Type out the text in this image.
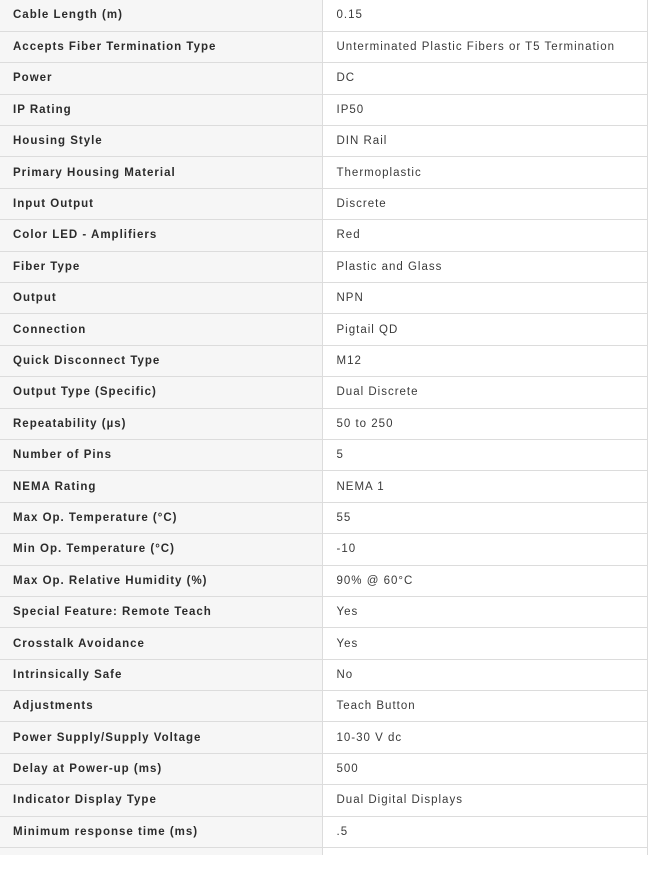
Cable Length (m)	0.15
Accepts Fiber Termination Type	Unterminated Plastic Fibers or T5 Termination
Power	DC
IP Rating	IP50
Housing Style	DIN Rail
Primary Housing Material	Thermoplastic
Input Output	Discrete
Color LED - Amplifiers	Red
Fiber Type	Plastic and Glass
Output	NPN
Connection	Pigtail QD
Quick Disconnect Type	M12
Output Type (Specific)	Dual Discrete
Repeatability (µs)	50 to 250
Number of Pins	5
NEMA Rating	NEMA 1
Max Op. Temperature (°C)	55
Min Op. Temperature (°C)	-10
Max Op. Relative Humidity (%)	90% @ 60°C
Special Feature: Remote Teach	Yes
Crosstalk Avoidance	Yes
Intrinsically Safe	No
Adjustments	Teach Button
Power Supply/Supply Voltage	10-30 V dc
Delay at Power-up (ms)	500
Indicator Display Type	Dual Digital Displays
Minimum response time (ms)	.5
